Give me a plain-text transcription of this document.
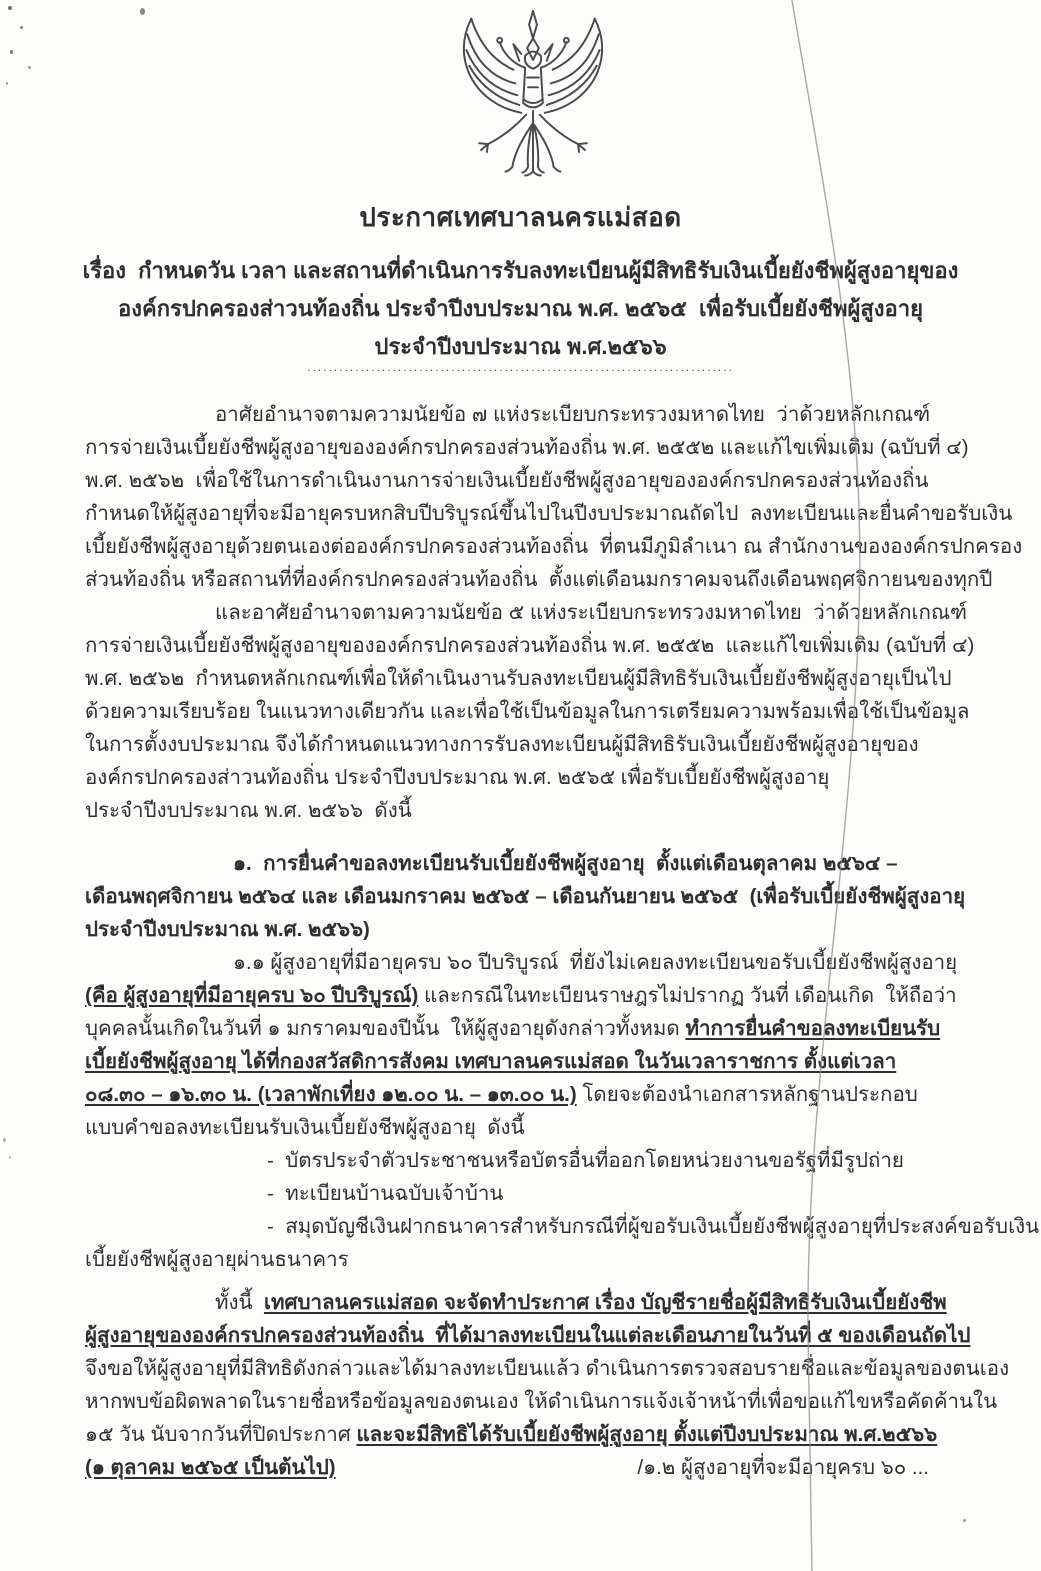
ประกาศเทศบาลนครแม่สอด
เรื่อง  กำหนดวัน เวลา และสถานที่ดำเนินการรับลงทะเบียนผู้มีสิทธิรับเงินเบี้ยยังชีพผู้สูงอายุของ
องค์กรปกครองส่าวนท้องถิ่น ประจำปีงบประมาณ พ.ศ. ๒๕๖๕  เพื่อรับเบี้ยยังชีพผู้สูงอายุ
ประจำปีงบประมาณ พ.ศ.๒๕๖๖
................................................................................
อาศัยอำนาจตามความนัยข้อ ๗ แห่งระเบียบกระทรวงมหาดไทย  ว่าด้วยหลักเกณฑ์
การจ่ายเงินเบี้ยยังชีพผู้สูงอายุขององค์กรปกครองส่วนท้องถิ่น พ.ศ. ๒๕๕๒ และแก้ไขเพิ่มเติม (ฉบับที่ ๔)
พ.ศ. ๒๕๖๒  เพื่อใช้ในการดำเนินงานการจ่ายเงินเบี้ยยังชีพผู้สูงอายุขององค์กรปกครองส่วนท้องถิ่น
กำหนดให้ผู้สูงอายุที่จะมีอายุครบหกสิบปีบริบูรณ์ขึ้นไปในปีงบประมาณถัดไป  ลงทะเบียนและยื่นคำขอรับเงิน
เบี้ยยังชีพผู้สูงอายุด้วยตนเองต่อองค์กรปกครองส่วนท้องถิ่น  ที่ตนมีภูมิลำเนา ณ สำนักงานขององค์กรปกครอง
ส่วนท้องถิ่น หรือสถานที่ที่องค์กรปกครองส่วนท้องถิ่น  ตั้งแต่เดือนมกราคมจนถึงเดือนพฤศจิกายนของทุกปี
และอาศัยอำนาจตามความนัยข้อ ๕ แห่งระเบียบกระทรวงมหาดไทย  ว่าด้วยหลักเกณฑ์
การจ่ายเงินเบี้ยยังชีพผู้สูงอายุขององค์กรปกครองส่วนท้องถิ่น พ.ศ. ๒๕๕๒  และแก้ไขเพิ่มเติม (ฉบับที่ ๔)
พ.ศ. ๒๕๖๒  กำหนดหลักเกณฑ์เพื่อให้ดำเนินงานรับลงทะเบียนผู้มีสิทธิรับเงินเบี้ยยังชีพผู้สูงอายุเป็นไป
ด้วยความเรียบร้อย ในแนวทางเดียวกัน และเพื่อใช้เป็นข้อมูลในการเตรียมความพร้อมเพื่อใช้เป็นข้อมูล
ในการตั้งงบประมาณ จึงได้กำหนดแนวทางการรับลงทะเบียนผู้มีสิทธิรับเงินเบี้ยยังชีพผู้สูงอายุของ
องค์กรปกครองส่าวนท้องถิ่น ประจำปีงบประมาณ พ.ศ. ๒๕๖๕ เพื่อรับเบี้ยยังชีพผู้สูงอายุ
ประจำปีงบประมาณ พ.ศ. ๒๕๖๖  ดังนี้
๑.  การยื่นคำขอลงทะเบียนรับเบี้ยยังชีพผู้สูงอายุ  ตั้งแต่เดือนตุลาคม ๒๕๖๔ –
เดือนพฤศจิกายน ๒๕๖๔ และ เดือนมกราคม ๒๕๖๕ – เดือนกันยายน ๒๕๖๕  (เพื่อรับเบี้ยยังชีพผู้สูงอายุ
ประจำปีงบประมาณ พ.ศ. ๒๕๖๖)
๑.๑ ผู้สูงอายุที่มีอายุครบ ๖๐ ปีบริบูรณ์  ที่ยังไม่เคยลงทะเบียนขอรับเบี้ยยังชีพผู้สูงอายุ
(คือ ผู้สูงอายุที่มีอายุครบ ๖๐ ปีบริบูรณ์) และกรณีในทะเบียนราษฎรไม่ปรากฏ วันที่ เดือนเกิด  ให้ถือว่า
บุคคลนั้นเกิดในวันที่ ๑ มกราคมของปีนั้น  ให้ผู้สูงอายุดังกล่าวทั้งหมด ทำการยื่นคำขอลงทะเบียนรับ
เบี้ยยังชีพผู้สูงอายุ ได้ที่กองสวัสดิการสังคม เทศบาลนครแม่สอด ในวันเวลาราชการ ตั้งแต่เวลา
๐๘.๓๐ – ๑๖.๓๐ น. (เวลาพักเที่ยง ๑๒.๐๐ น. – ๑๓.๐๐ น.) โดยจะต้องนำเอกสารหลักฐานประกอบ
แบบคำขอลงทะเบียนรับเงินเบี้ยยังชีพผู้สูงอายุ  ดังนี้
-  บัตรประจำตัวประชาชนหรือบัตรอื่นที่ออกโดยหน่วยงานขอรัฐที่มีรูปถ่าย
-  ทะเบียนบ้านฉบับเจ้าบ้าน
-  สมุดบัญชีเงินฝากธนาคารสำหรับกรณีที่ผู้ขอรับเงินเบี้ยยังชีพผู้สูงอายุที่ประสงค์ขอรับเงิน
เบี้ยยังชีพผู้สูงอายุผ่านธนาคาร
ทั้งนี้  เทศบาลนครแม่สอด จะจัดทำประกาศ เรื่อง บัญชีรายชื่อผู้มีสิทธิรับเงินเบี้ยยังชีพ
ผู้สูงอายุขององค์กรปกครองส่วนท้องถิ่น  ที่ได้มาลงทะเบียนในแต่ละเดือนภายในวันที่ ๕ ของเดือนถัดไป
จึงขอให้ผู้สูงอายุที่มีสิทธิดังกล่าวและได้มาลงทะเบียนแล้ว ดำเนินการตรวจสอบรายชื่อและข้อมูลของตนเอง
หากพบข้อผิดพลาดในรายชื่อหรือข้อมูลของตนเอง ให้ดำเนินการแจ้งเจ้าหน้าที่เพื่อขอแก้ไขหรือคัดค้านใน
๑๕ วัน นับจากวันที่ปิดประกาศ และจะมีสิทธิได้รับเบี้ยยังชีพผู้สูงอายุ ตั้งแต่ปีงบประมาณ พ.ศ.๒๕๖๖
(๑ ตุลาคม ๒๕๖๕ เป็นต้นไป)	/๑.๒ ผู้สูงอายุที่จะมีอายุครบ ๖๐ ...
